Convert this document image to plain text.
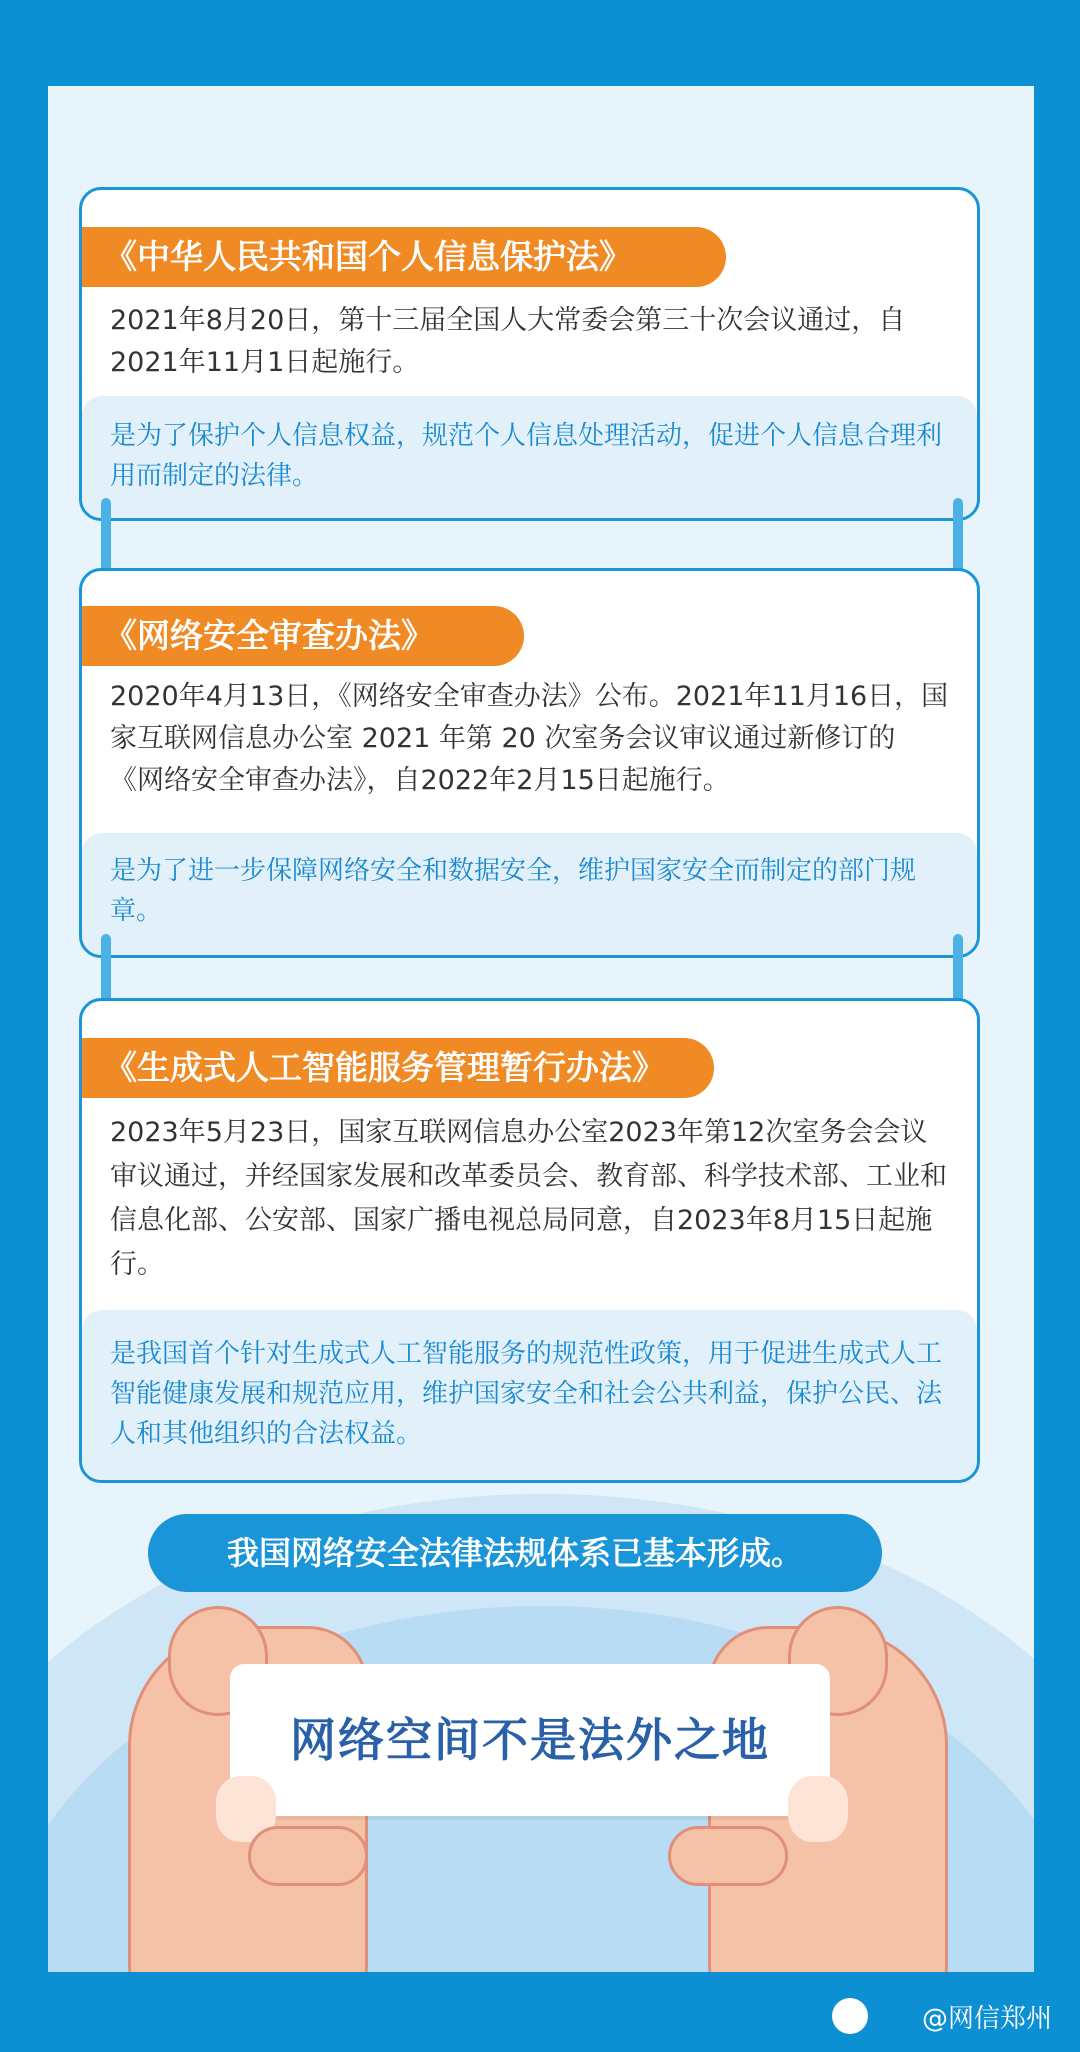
《中华人民共和国个人信息保护法》
2021年8月20日，第十三届全国人大常委会第三十次会议通过，自2021年11月1日起施行。
是为了保护个人信息权益，规范个人信息处理活动，促进个人信息合理利用而制定的法律。
《网络安全审查办法》
2020年4月13日，《网络安全审查办法》公布。2021年11月16日，国家互联网信息办公室 2021 年第 20 次室务会议审议通过新修订的《网络安全审查办法》，自2022年2月15日起施行。
是为了进一步保障网络安全和数据安全，维护国家安全而制定的部门规章。
《生成式人工智能服务管理暂行办法》
2023年5月23日，国家互联网信息办公室2023年第12次室务会会议审议通过，并经国家发展和改革委员会、教育部、科学技术部、工业和信息化部、公安部、国家广播电视总局同意，自2023年8月15日起施行。
是我国首个针对生成式人工智能服务的规范性政策，用于促进生成式人工智能健康发展和规范应用，维护国家安全和社会公共利益，保护公民、法人和其他组织的合法权益。
我国网络安全法律法规体系已基本形成。
网络空间不是法外之地
@网信郑州
